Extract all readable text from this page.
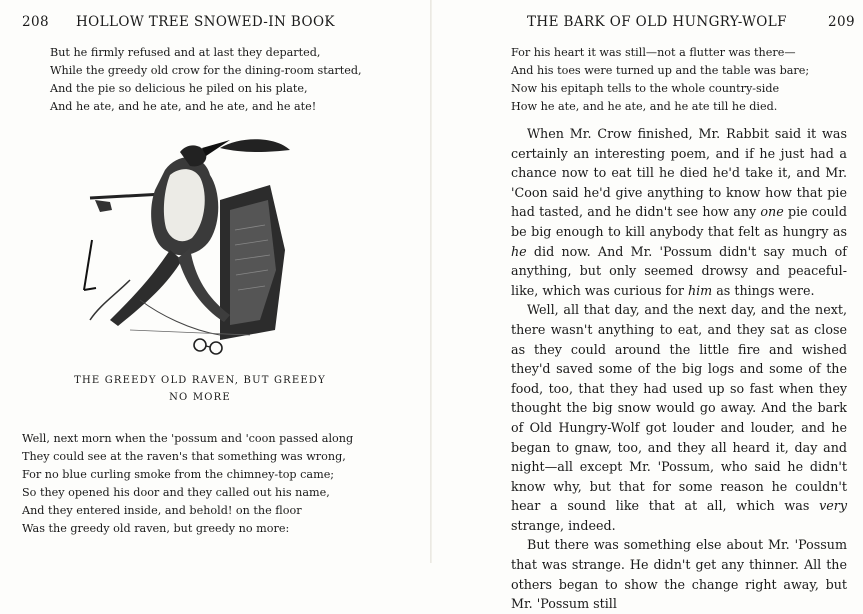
208 HOLLOW TREE SNOWED-IN BOOK
But he firmly refused and at last they departed,
While the greedy old crow for the dining-room started,
And the pie so delicious he piled on his plate,
And he ate, and he ate, and he ate, and he ate!
THE GREEDY OLD RAVEN, BUT GREEDY
NO MORE
Well, next morn when the 'possum and 'coon passed along
They could see at the raven's that something was wrong,
For no blue curling smoke from the chimney-top came;
So they opened his door and they called out his name,
And they entered inside, and behold! on the floor
Was the greedy old raven, but greedy no more:
THE BARK OF OLD HUNGRY-WOLF	209
For his heart it was still—not a flutter was there—
And his toes were turned up and the table was bare;
Now his epitaph tells to the whole country-side
How he ate, and he ate, and he ate till he died.

When Mr. Crow finished, Mr. Rabbit said it was certainly an interesting poem, and if he just had a chance now to eat till he died he'd take it, and Mr. 'Coon said he'd give anything to know how that pie had tasted, and he didn't see how any one pie could be big enough to kill anybody that felt as hungry as he did now. And Mr. 'Possum didn't say much of anything, but only seemed drowsy and peaceful-like, which was curious for him as things were.

Well, all that day, and the next day, and the next, there wasn't anything to eat, and they sat as close as they could around the little fire and wished they'd saved some of the big logs and some of the food, too, that they had used up so fast when they thought the big snow would go away. And the bark of Old Hungry-Wolf got louder and louder, and he began to gnaw, too, and they all heard it, day and night—all except Mr. 'Possum, who said he didn't know why, but that for some reason he couldn't hear a sound like that at all, which was very strange, indeed.

But there was something else about Mr. 'Possum that was strange. He didn't get any thinner. All the others began to show the change right away, but Mr. 'Possum still
